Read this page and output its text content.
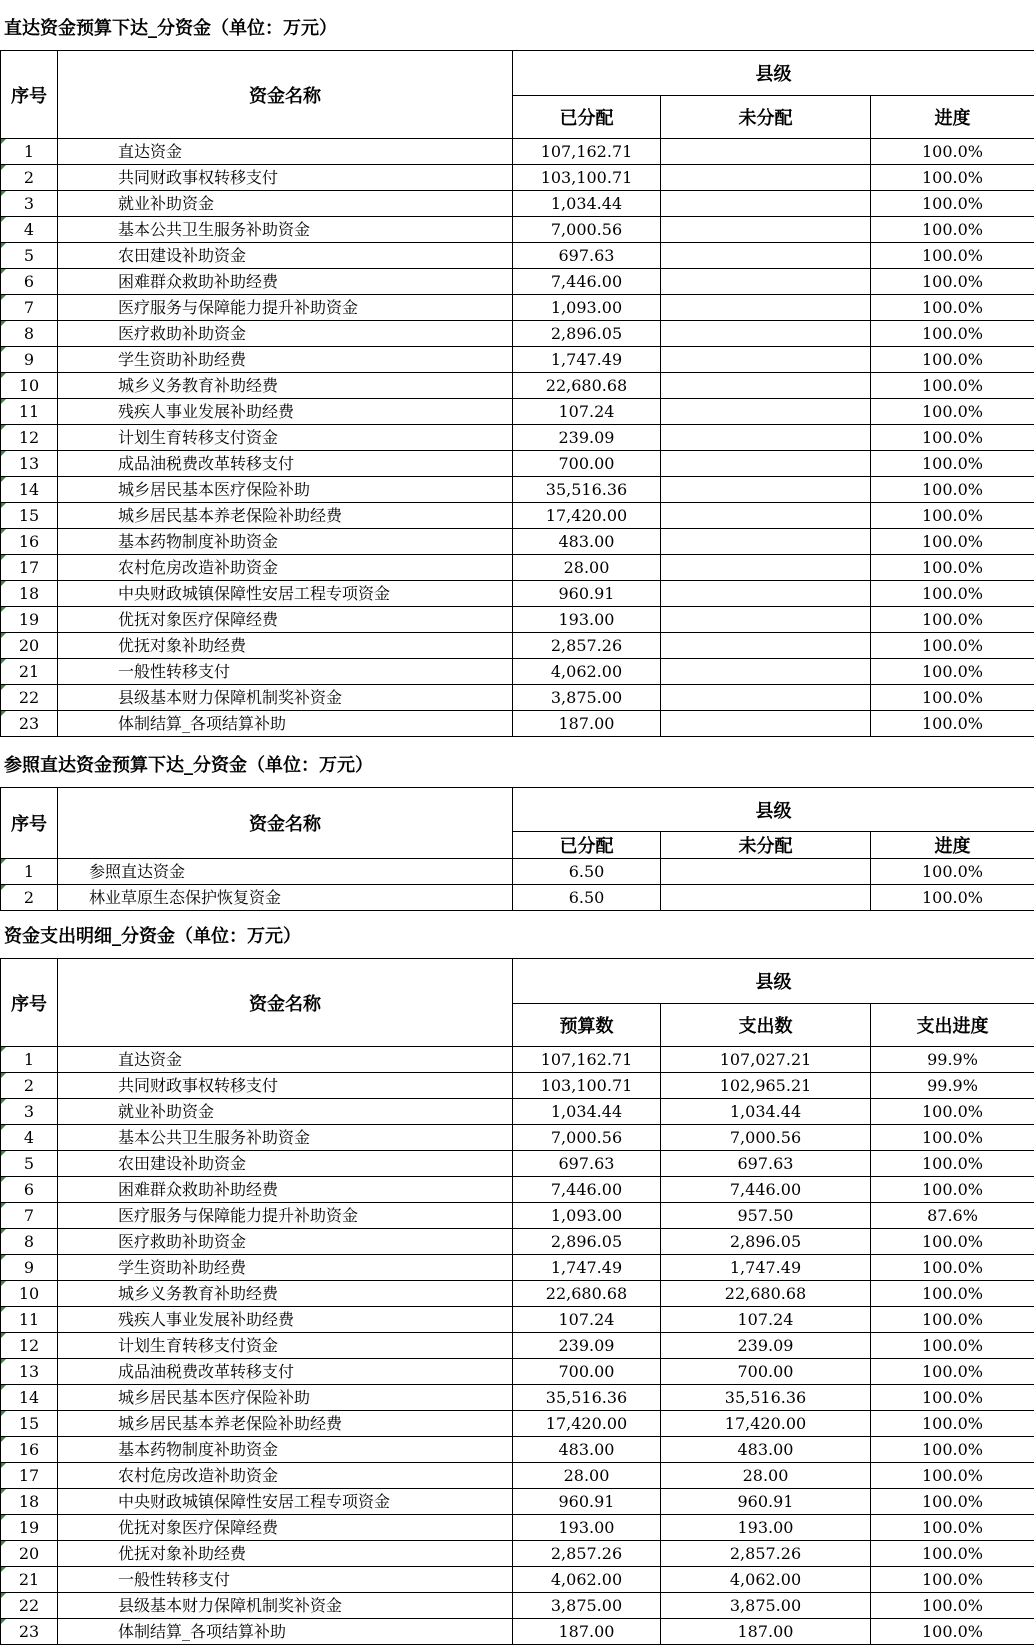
直达资金预算下达_分资金（单位：万元）
序号	资金名称	县级		
		已分配	未分配	进度
1	直达资金	107,162.71		100.0%
2	共同财政事权转移支付	103,100.71		100.0%
3	就业补助资金	1,034.44		100.0%
4	基本公共卫生服务补助资金	7,000.56		100.0%
5	农田建设补助资金	697.63		100.0%
6	困难群众救助补助经费	7,446.00		100.0%
7	医疗服务与保障能力提升补助资金	1,093.00		100.0%
8	医疗救助补助资金	2,896.05		100.0%
9	学生资助补助经费	1,747.49		100.0%
10	城乡义务教育补助经费	22,680.68		100.0%
11	残疾人事业发展补助经费	107.24		100.0%
12	计划生育转移支付资金	239.09		100.0%
13	成品油税费改革转移支付	700.00		100.0%
14	城乡居民基本医疗保险补助	35,516.36		100.0%
15	城乡居民基本养老保险补助经费	17,420.00		100.0%
16	基本药物制度补助资金	483.00		100.0%
17	农村危房改造补助资金	28.00		100.0%
18	中央财政城镇保障性安居工程专项资金	960.91		100.0%
19	优抚对象医疗保障经费	193.00		100.0%
20	优抚对象补助经费	2,857.26		100.0%
21	一般性转移支付	4,062.00		100.0%
22	县级基本财力保障机制奖补资金	3,875.00		100.0%
23	体制结算_各项结算补助	187.00		100.0%
参照直达资金预算下达_分资金（单位：万元）
序号	资金名称	县级		
		已分配	未分配	进度
1	参照直达资金	6.50		100.0%
2	林业草原生态保护恢复资金	6.50		100.0%
资金支出明细_分资金（单位：万元）
序号	资金名称	县级		
		预算数	支出数	支出进度
1	直达资金	107,162.71	107,027.21	99.9%
2	共同财政事权转移支付	103,100.71	102,965.21	99.9%
3	就业补助资金	1,034.44	1,034.44	100.0%
4	基本公共卫生服务补助资金	7,000.56	7,000.56	100.0%
5	农田建设补助资金	697.63	697.63	100.0%
6	困难群众救助补助经费	7,446.00	7,446.00	100.0%
7	医疗服务与保障能力提升补助资金	1,093.00	957.50	87.6%
8	医疗救助补助资金	2,896.05	2,896.05	100.0%
9	学生资助补助经费	1,747.49	1,747.49	100.0%
10	城乡义务教育补助经费	22,680.68	22,680.68	100.0%
11	残疾人事业发展补助经费	107.24	107.24	100.0%
12	计划生育转移支付资金	239.09	239.09	100.0%
13	成品油税费改革转移支付	700.00	700.00	100.0%
14	城乡居民基本医疗保险补助	35,516.36	35,516.36	100.0%
15	城乡居民基本养老保险补助经费	17,420.00	17,420.00	100.0%
16	基本药物制度补助资金	483.00	483.00	100.0%
17	农村危房改造补助资金	28.00	28.00	100.0%
18	中央财政城镇保障性安居工程专项资金	960.91	960.91	100.0%
19	优抚对象医疗保障经费	193.00	193.00	100.0%
20	优抚对象补助经费	2,857.26	2,857.26	100.0%
21	一般性转移支付	4,062.00	4,062.00	100.0%
22	县级基本财力保障机制奖补资金	3,875.00	3,875.00	100.0%
23	体制结算_各项结算补助	187.00	187.00	100.0%
